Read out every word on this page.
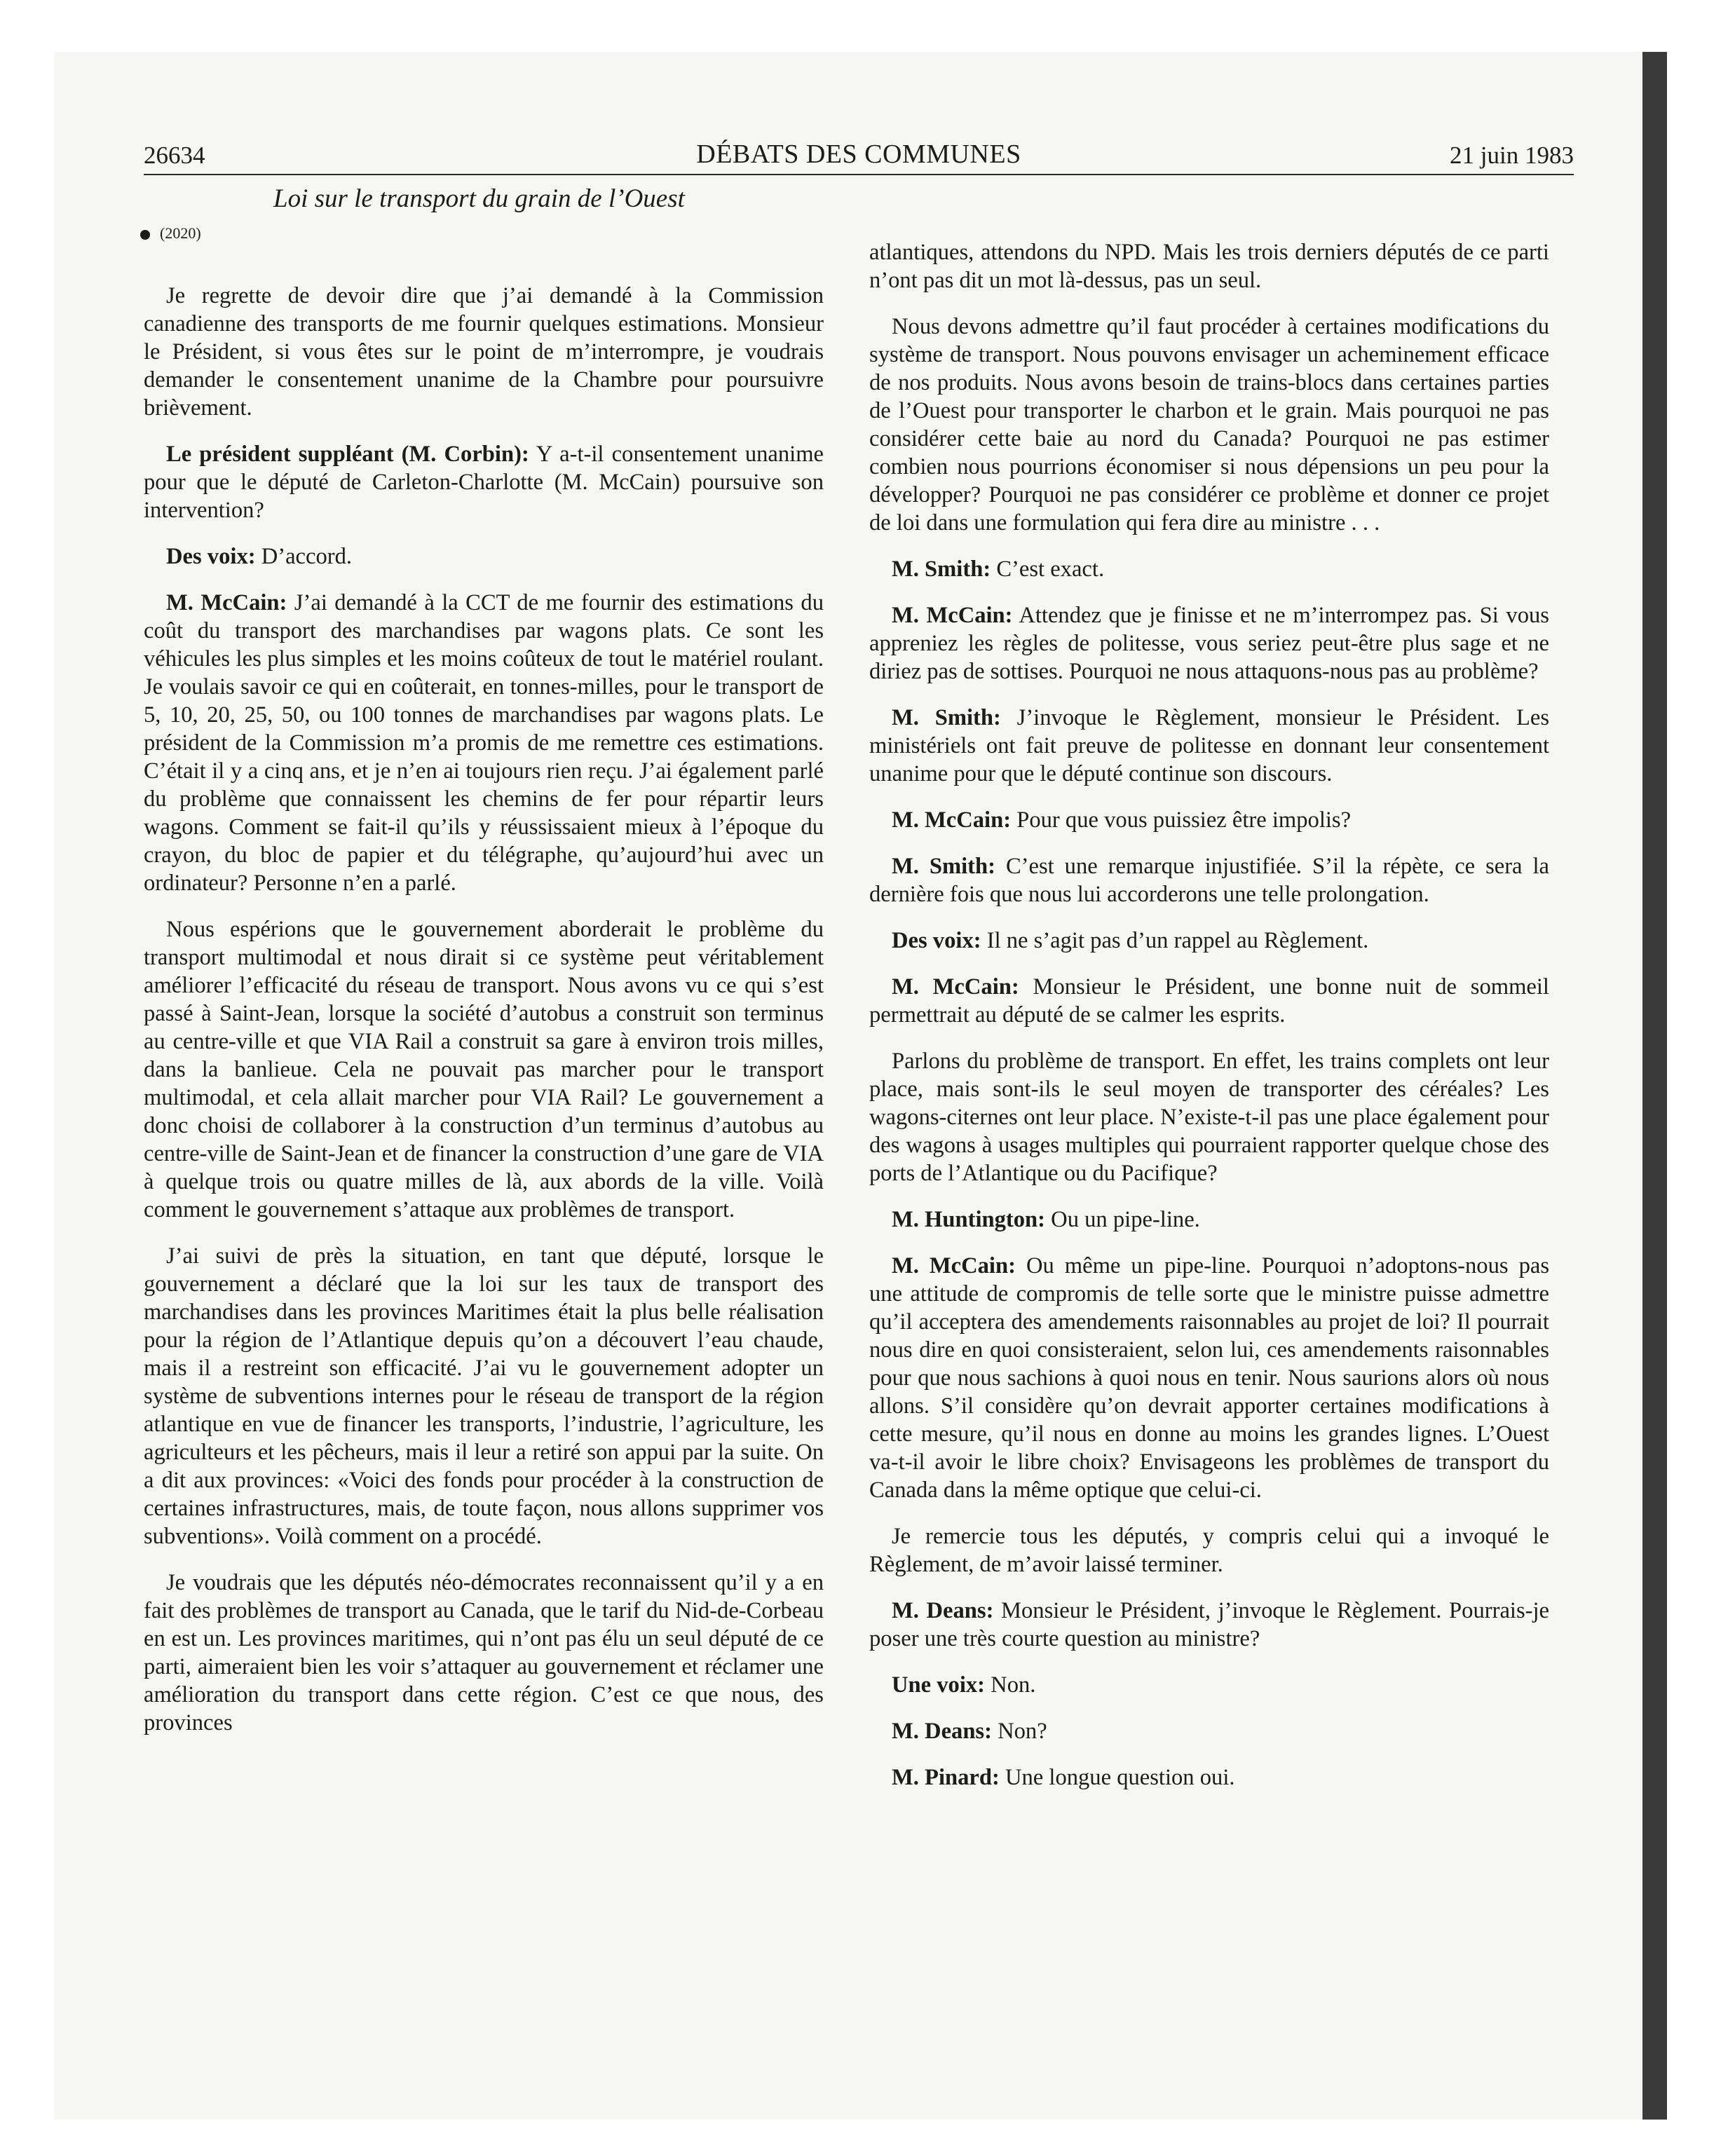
26634	DÉBATS DES COMMUNES	21 juin 1983
Loi sur le transport du grain de l’Ouest
(2020)

Je regrette de devoir dire que j’ai demandé à la Commission canadienne des transports de me fournir quelques estimations. Monsieur le Président, si vous êtes sur le point de m’interrompre, je voudrais demander le consentement unanime de la Chambre pour poursuivre brièvement.

Le président suppléant (M. Corbin): Y a-t-il consentement unanime pour que le député de Carleton-Charlotte (M. McCain) poursuive son intervention?

Des voix: D’accord.

M. McCain: J’ai demandé à la CCT de me fournir des estimations du coût du transport des marchandises par wagons plats. Ce sont les véhicules les plus simples et les moins coûteux de tout le matériel roulant. Je voulais savoir ce qui en coûterait, en tonnes-milles, pour le transport de 5, 10, 20, 25, 50, ou 100 tonnes de marchandises par wagons plats. Le président de la Commission m’a promis de me remettre ces estimations. C’était il y a cinq ans, et je n’en ai toujours rien reçu. J’ai également parlé du problème que connaissent les chemins de fer pour répartir leurs wagons. Comment se fait-il qu’ils y réussissaient mieux à l’époque du crayon, du bloc de papier et du télégraphe, qu’aujourd’hui avec un ordinateur? Personne n’en a parlé.

Nous espérions que le gouvernement aborderait le problème du transport multimodal et nous dirait si ce système peut véritablement améliorer l’efficacité du réseau de transport. Nous avons vu ce qui s’est passé à Saint-Jean, lorsque la société d’autobus a construit son terminus au centre-ville et que VIA Rail a construit sa gare à environ trois milles, dans la banlieue. Cela ne pouvait pas marcher pour le transport multimodal, et cela allait marcher pour VIA Rail? Le gouvernement a donc choisi de collaborer à la construction d’un terminus d’autobus au centre-ville de Saint-Jean et de financer la construction d’une gare de VIA à quelque trois ou quatre milles de là, aux abords de la ville. Voilà comment le gouvernement s’attaque aux problèmes de transport.

J’ai suivi de près la situation, en tant que député, lorsque le gouvernement a déclaré que la loi sur les taux de transport des marchandises dans les provinces Maritimes était la plus belle réalisation pour la région de l’Atlantique depuis qu’on a découvert l’eau chaude, mais il a restreint son efficacité. J’ai vu le gouvernement adopter un système de subventions internes pour le réseau de transport de la région atlantique en vue de financer les transports, l’industrie, l’agriculture, les agriculteurs et les pêcheurs, mais il leur a retiré son appui par la suite. On a dit aux provinces: «Voici des fonds pour procéder à la construction de certaines infrastructures, mais, de toute façon, nous allons supprimer vos subventions». Voilà comment on a procédé.

Je voudrais que les députés néo-démocrates reconnaissent qu’il y a en fait des problèmes de transport au Canada, que le tarif du Nid-de-Corbeau en est un. Les provinces maritimes, qui n’ont pas élu un seul député de ce parti, aimeraient bien les voir s’attaquer au gouvernement et réclamer une amélioration du transport dans cette région. C’est ce que nous, des provinces

atlantiques, attendons du NPD. Mais les trois derniers députés de ce parti n’ont pas dit un mot là-dessus, pas un seul.

Nous devons admettre qu’il faut procéder à certaines modifications du système de transport. Nous pouvons envisager un acheminement efficace de nos produits. Nous avons besoin de trains-blocs dans certaines parties de l’Ouest pour transporter le charbon et le grain. Mais pourquoi ne pas considérer cette baie au nord du Canada? Pourquoi ne pas estimer combien nous pourrions économiser si nous dépensions un peu pour la développer? Pourquoi ne pas considérer ce problème et donner ce projet de loi dans une formulation qui fera dire au ministre . . .

M. Smith: C’est exact.

M. McCain: Attendez que je finisse et ne m’interrompez pas. Si vous appreniez les règles de politesse, vous seriez peut-être plus sage et ne diriez pas de sottises. Pourquoi ne nous attaquons-nous pas au problème?

M. Smith: J’invoque le Règlement, monsieur le Président. Les ministériels ont fait preuve de politesse en donnant leur consentement unanime pour que le député continue son discours.

M. McCain: Pour que vous puissiez être impolis?

M. Smith: C’est une remarque injustifiée. S’il la répète, ce sera la dernière fois que nous lui accorderons une telle prolongation.

Des voix: Il ne s’agit pas d’un rappel au Règlement.

M. McCain: Monsieur le Président, une bonne nuit de sommeil permettrait au député de se calmer les esprits.

Parlons du problème de transport. En effet, les trains complets ont leur place, mais sont-ils le seul moyen de transporter des céréales? Les wagons-citernes ont leur place. N’existe-t-il pas une place également pour des wagons à usages multiples qui pourraient rapporter quelque chose des ports de l’Atlantique ou du Pacifique?

M. Huntington: Ou un pipe-line.

M. McCain: Ou même un pipe-line. Pourquoi n’adoptons-nous pas une attitude de compromis de telle sorte que le ministre puisse admettre qu’il acceptera des amendements raisonnables au projet de loi? Il pourrait nous dire en quoi consisteraient, selon lui, ces amendements raisonnables pour que nous sachions à quoi nous en tenir. Nous saurions alors où nous allons. S’il considère qu’on devrait apporter certaines modifications à cette mesure, qu’il nous en donne au moins les grandes lignes. L’Ouest va-t-il avoir le libre choix? Envisageons les problèmes de transport du Canada dans la même optique que celui-ci.

Je remercie tous les députés, y compris celui qui a invoqué le Règlement, de m’avoir laissé terminer.

M. Deans: Monsieur le Président, j’invoque le Règlement. Pourrais-je poser une très courte question au ministre?

Une voix: Non.

M. Deans: Non?

M. Pinard: Une longue question oui.
